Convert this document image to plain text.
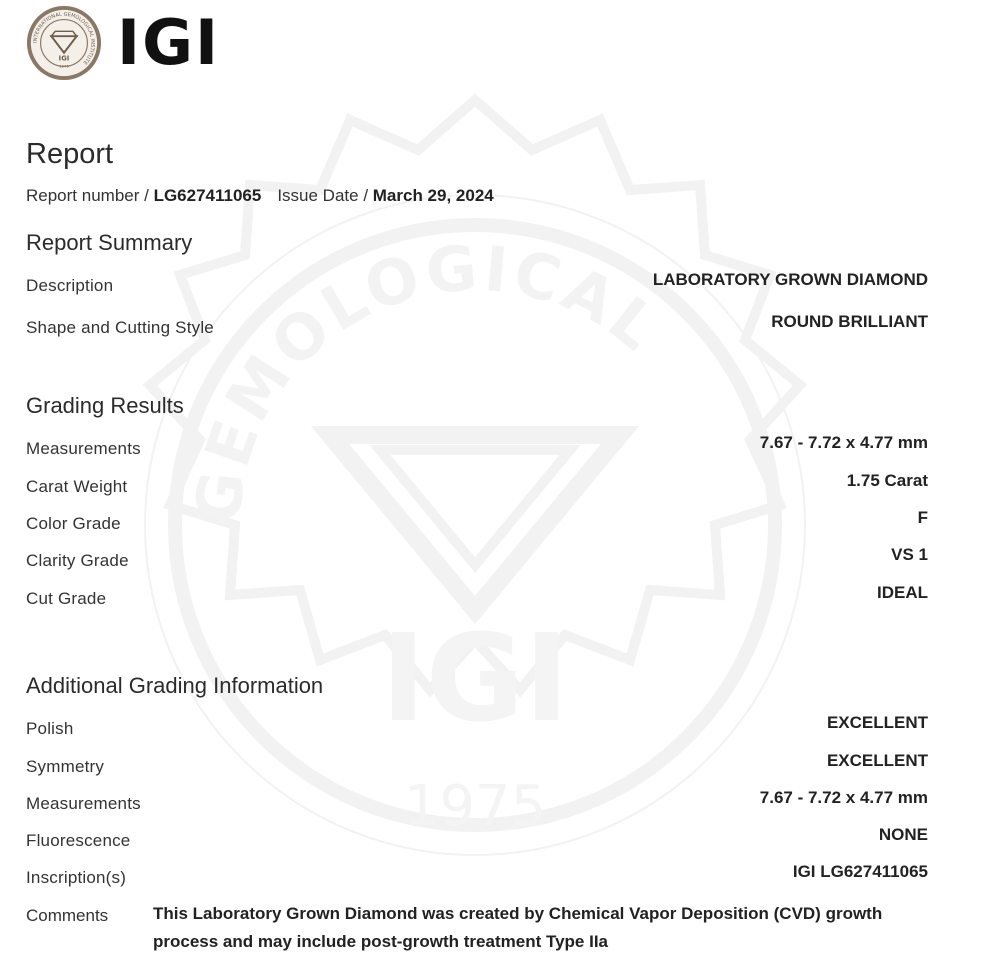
GEMOLOGICAL
IGI
1975
INTERNATIONAL GEMOLOGICAL INSTITUTE
IGI
1975 IGI
Report
Report number / LG627411065 Issue Date / March 29, 2024
Report Summary
Description	LABORATORY GROWN DIAMOND
Shape and Cutting Style	ROUND BRILLIANT
Grading Results
Measurements	7.67 - 7.72 x 4.77 mm
Carat Weight	1.75 Carat
Color Grade	F
Clarity Grade	VS 1
Cut Grade	IDEAL
Additional Grading Information
Polish	EXCELLENT
Symmetry	EXCELLENT
Measurements	7.67 - 7.72 x 4.77 mm
Fluorescence	NONE
Inscription(s)	IGI LG627411065
Comments	This Laboratory Grown Diamond was created by Chemical Vapor Deposition (CVD) growth process and may include post-growth treatment Type IIa
